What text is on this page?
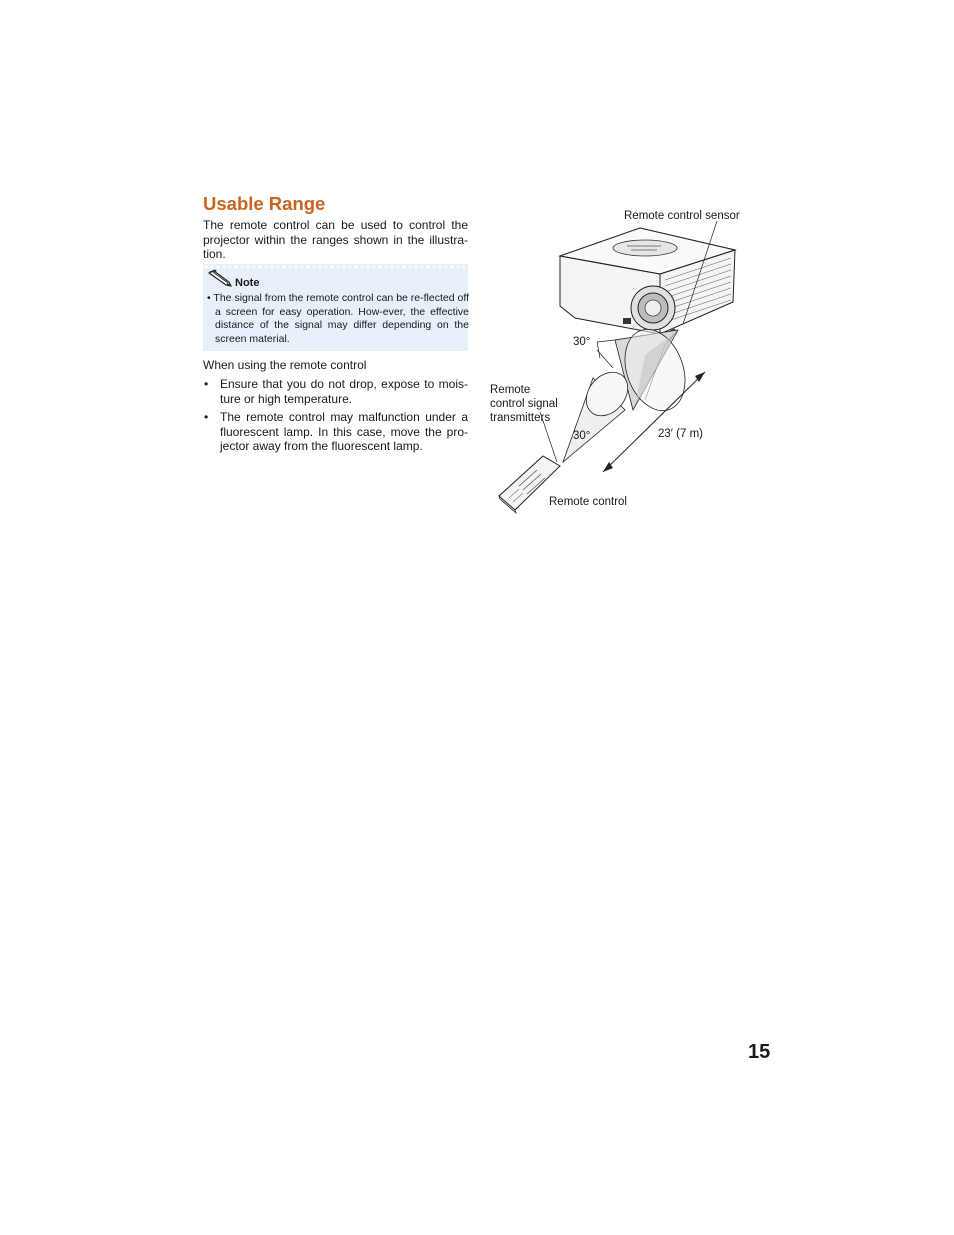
Usable Range

The remote control can be used to control the projector within the ranges shown in the illustra-tion.

Note

• The signal from the remote control can be re-flected off a screen for easy operation. How-ever, the effective distance of the signal may differ depending on the screen material.

When using the remote control

• Ensure that you do not drop, expose to mois-ture or high temperature.
• The remote control may malfunction under a fluorescent lamp. In this case, move the pro-jector away from the fluorescent lamp.
Remote control sensor
30°
Remote
control signal
transmitters
30°	23′ (7 m)
Remote control
15
